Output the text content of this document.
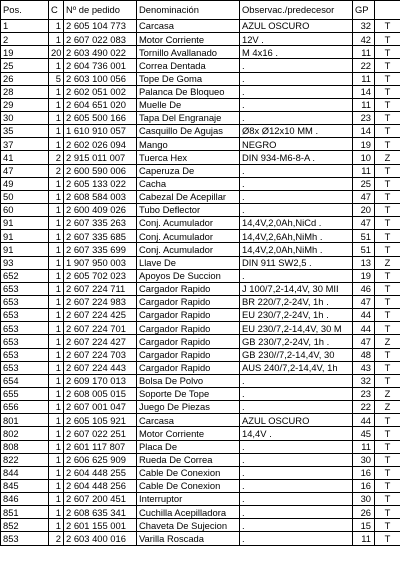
Pos.	C	Nº de pedido	Denominación	Observac./predecesor	GP	
1	1	2 605 104 773	Carcasa	AZUL OSCURO	32	T
2	1	2 607 022 083	Motor Corriente	12V .	42	T
19	20	2 603 490 022	Tornillo Avallanado	M 4x16 .	11	T
25	1	2 604 736 001	Correa Dentada	.	22	T
26	5	2 603 100 056	Tope De Goma	.	11	T
28	1	2 602 051 002	Palanca De Bloqueo	.	14	T
29	1	2 604 651 020	Muelle De	.	11	T
30	1	2 605 500 166	Tapa Del Engranaje	.	23	T
35	1	1 610 910 057	Casquillo De Agujas	Ø8x Ø12x10 MM .	14	T
37	1	2 602 026 094	Mango	NEGRO	19	T
41	2	2 915 011 007	Tuerca Hex	DIN 934-M6-8-A .	10	Z
47	2	2 600 590 006	Caperuza De	.	11	T
49	1	2 605 133 022	Cacha	.	25	T
50	1	2 608 584 003	Cabezal De Acepillar	.	47	T
60	1	2 600 409 026	Tubo Deflector	.	20	T
91	1	2 607 335 263	Conj. Acumulador	14,4V,2,0Ah,NiCd .	47	T
91	1	2 607 335 685	Conj. Acumulador	14,4V,2,6Ah,NiMh .	51	T
91	1	2 607 335 699	Conj. Acumulador	14,4V,2,0Ah,NiMh .	51	T
93	1	1 907 950 003	Llave De	DIN 911 SW2,5 .	13	Z
652	1	2 605 702 023	Apoyos De Succion	.	19	T
653	1	2 607 224 711	Cargador Rapido	J 100/7,2-14,4V, 30 MII	46	T
653	1	2 607 224 983	Cargador Rapido	BR 220/7,2-24V, 1h .	47	T
653	1	2 607 224 425	Cargador Rapido	EU 230/7,2-24V, 1h .	44	T
653	1	2 607 224 701	Cargador Rapido	EU 230/7,2-14,4V, 30 M	44	T
653	1	2 607 224 427	Cargador Rapido	GB 230/7,2-24V, 1h .	47	Z
653	1	2 607 224 703	Cargador Rapido	GB 230//7,2-14,4V, 30	48	T
653	1	2 607 224 443	Cargador Rapido	AUS 240/7,2-14,4V, 1h	43	T
654	1	2 609 170 013	Bolsa De Polvo	.	32	T
655	1	2 608 005 015	Soporte De Tope	.	23	Z
656	1	2 607 001 047	Juego De Piezas	.	22	Z
801	1	2 605 105 921	Carcasa	AZUL OSCURO	44	T
802	1	2 607 022 251	Motor Corriente	14,4V .	45	T
808	1	2 601 117 807	Placa De	.	11	T
822	1	2 606 625 909	Rueda De Correa	.	30	T
844	1	2 604 448 255	Cable De Conexion	.	16	T
845	1	2 604 448 256	Cable De Conexion	.	16	T
846	1	2 607 200 451	Interruptor	.	30	T
851	1	2 608 635 341	Cuchilla Acepilladora	.	26	T
852	1	2 601 155 001	Chaveta De Sujecion	.	15	T
853	2	2 603 400 016	Varilla Roscada	.	11	T
